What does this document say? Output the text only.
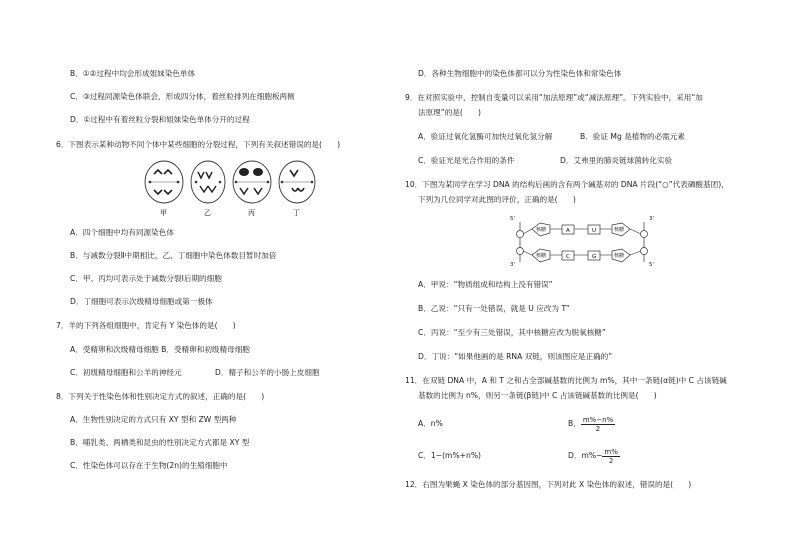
B．①②过程中均会形成姐妹染色单体
C．③过程同源染色体联会，形成四分体，着丝粒排列在细胞板两侧
D．①过程中有着丝粒分裂和姐妹染色单体分开的过程
6．下图表示某种动物不同个体中某些细胞的分裂过程，下列有关叙述错误的是(　　)
甲	乙	丙	丁
A．四个细胞中均有同源染色体
B．与减数分裂Ⅱ中期相比，乙、丁细胞中染色体数目暂时加倍
C．甲、丙均可表示处于减数分裂Ⅰ后期的细胞
D．丁细胞可表示次级精母细胞或第一极体
7．羊的下列各组细胞中，肯定有 Y 染色体的是(　　)
A．受精卵和次级精母细胞 B．受精卵和初级精母细胞
C．初级精母细胞和公羊的神经元	D．精子和公羊的小肠上皮细胞
8．下列关于性染色体和性别决定方式的叙述，正确的是(　　)
A．生物性别决定的方式只有 XY 型和 ZW 型两种
B．哺乳类、两栖类和昆虫的性别决定方式都是 XY 型
C．性染色体可以存在于生物(2n)的生殖细胞中
D．各种生物细胞中的染色体都可以分为性染色体和常染色体
9．在对照实验中，控制自变量可以采用“加法原理”或“减法原理”。下列实验中，采用“加
法原理”的是(　　)
A．验证过氧化氢酶可加快过氧化氢分解	B．验证 Mg 是植物的必需元素
C．验证光是光合作用的条件	D．艾弗里的肺炎链球菌转化实验
10．下图为某同学在学习 DNA 的结构后画的含有两个碱基对的 DNA 片段(“○”代表磷酸基团)，
下列为几位同学对此图的评价，正确的是(　　)
5'
3'
3'
5'
核糖	A	U	核糖
核糖	C	G	核糖
A．甲说：“物质组成和结构上没有错误”
B．乙说：“只有一处错误，就是 U 应改为 T”
C．丙说：“至少有三处错误，其中核糖应改为脱氧核糖”
D．丁说：“如果他画的是 RNA 双链，则该图应是正确的”
11．在双链 DNA 中，A 和 T 之和占全部碱基数的比例为 m%，其中一条链(α链)中 C 占该链碱
基数的比例为 n%，则另一条链(β链)中 C 占该链碱基数的比例是(　　)
A．n%	B． $\frac{m\%-n\%}{2}$
C．1−(m%+n%)	D．$m\%- \frac{m\%}{2}$
12．右图为果蝇 X 染色体的部分基因图，下列对此 X 染色体的叙述，错误的是(　　)
